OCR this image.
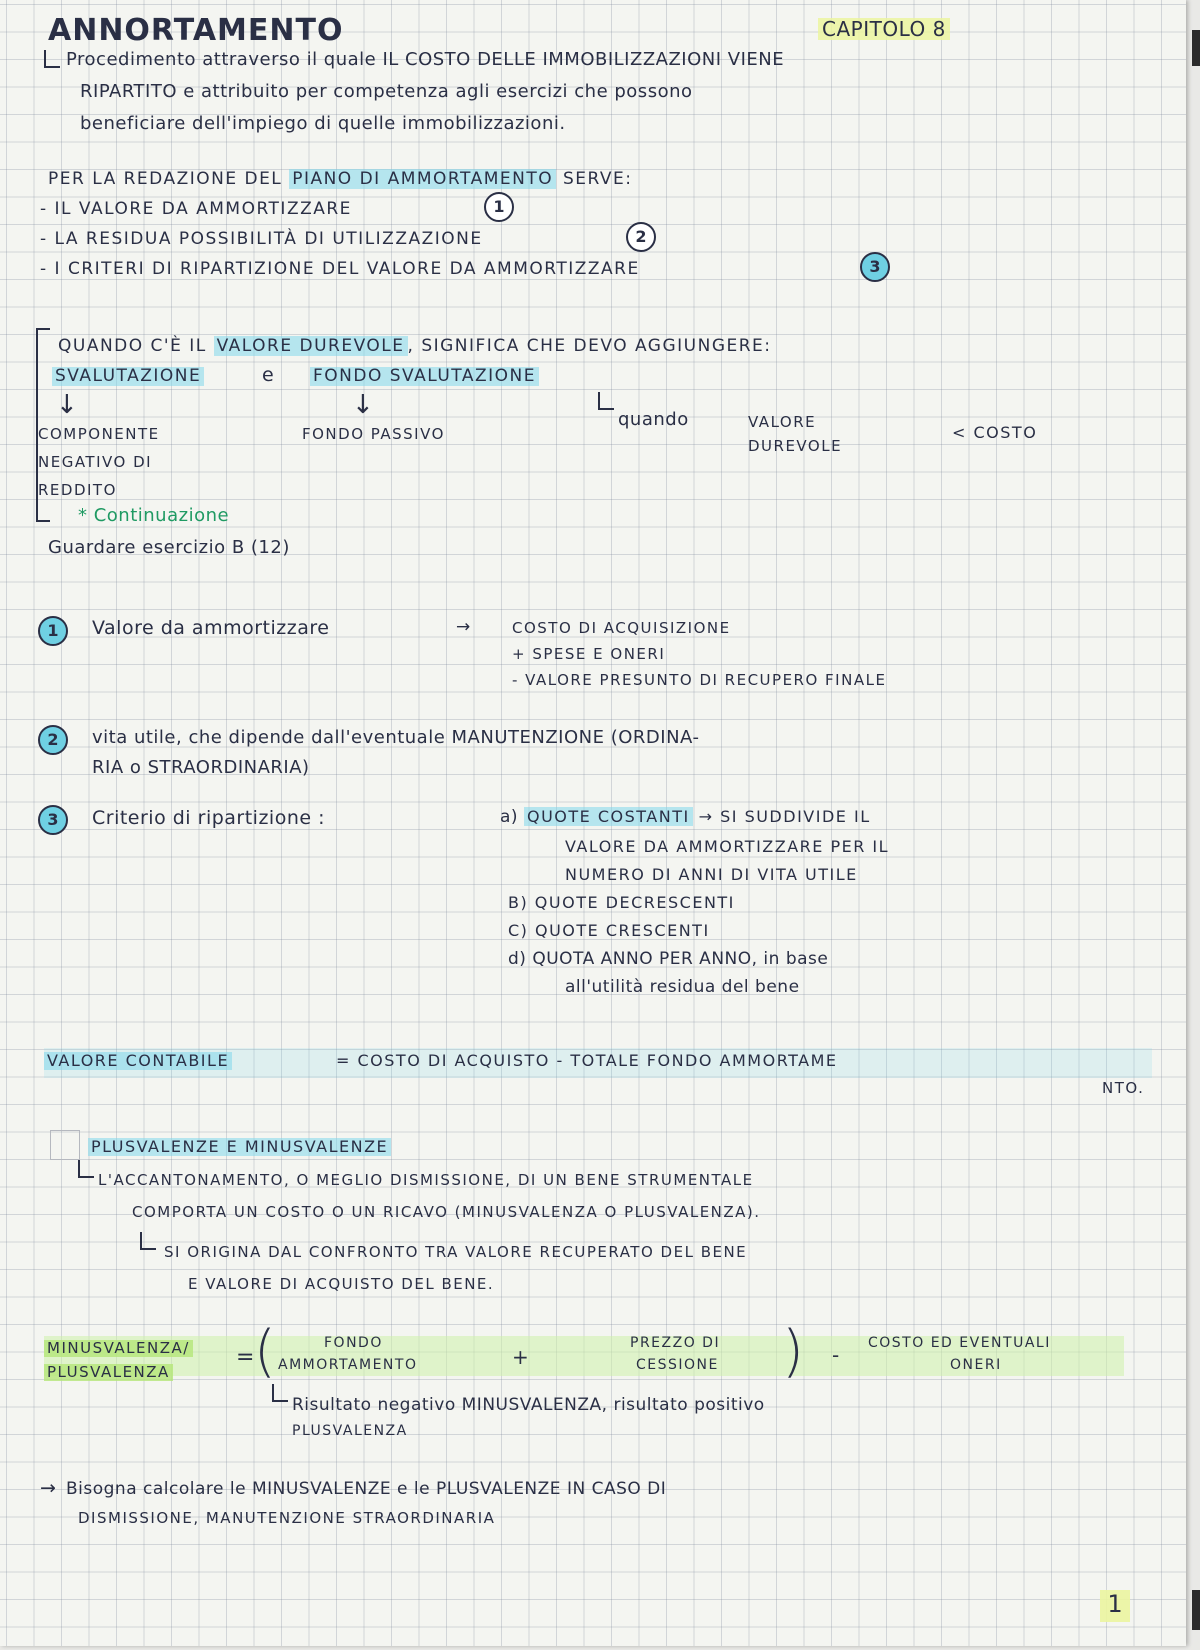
ANNORTAMENTO	CAPITOLO 8
Procedimento attraverso il quale IL COSTO DELLE IMMOBILIZZAZIONI VIENE
RIPARTITO e attribuito per competenza agli esercizi che possono
beneficiare dell'impiego di quelle immobilizzazioni.
PER LA REDAZIONE DEL PIANO DI AMMORTAMENTO SERVE:
- IL VALORE DA AMMORTIZZARE	1
- LA RESIDUA POSSIBILITÀ DI UTILIZZAZIONE	2
- I CRITERI DI RIPARTIZIONE DEL VALORE DA AMMORTIZZARE	3
QUANDO C'È IL VALORE DUREVOLE , SIGNIFICA CHE DEVO AGGIUNGERE:
SVALUTAZIONE	e FONDO SVALUTAZIONE
↓	↓
COMPONENTE
NEGATIVO DI
REDDITO
FONDO PASSIVO
quando	VALORE
DUREVOLE
< COSTO
* Continuazione
Guardare esercizio B (12)
1	Valore da ammortizzare	→	COSTO DI ACQUISIZIONE
+ SPESE E ONERI
- VALORE PRESUNTO DI RECUPERO FINALE
2	vita utile, che dipende dall'eventuale MANUTENZIONE (ORDINA-
RIA o STRAORDINARIA)
3	Criterio di ripartizione :	a) QUOTE COSTANTI → SI SUDDIVIDE IL
VALORE DA AMMORTIZZARE PER IL
NUMERO DI ANNI DI VITA UTILE
B) QUOTE DECRESCENTI
C) QUOTE CRESCENTI
d) QUOTA ANNO PER ANNO, in base
all'utilità residua del bene
VALORE CONTABILE	= COSTO DI ACQUISTO - TOTALE FONDO AMMORTAME
NTO.
PLUSVALENZE E MINUSVALENZE
L'ACCANTONAMENTO, O MEGLIO DISMISSIONE, DI UN BENE STRUMENTALE
COMPORTA UN COSTO O UN RICAVO (MINUSVALENZA O PLUSVALENZA).
SI ORIGINA DAL CONFRONTO TRA VALORE RECUPERATO DEL BENE
E VALORE DI ACQUISTO DEL BENE.
MINUSVALENZA/
PLUSVALENZA
= (	FONDO
AMMORTAMENTO	+
PREZZO DI
CESSIONE ) - COSTO ED EVENTUALI
ONERI
Risultato negativo MINUSVALENZA, risultato positivo
PLUSVALENZA
→ Bisogna calcolare le MINUSVALENZE e le PLUSVALENZE IN CASO DI
DISMISSIONE, MANUTENZIONE STRAORDINARIA
1
